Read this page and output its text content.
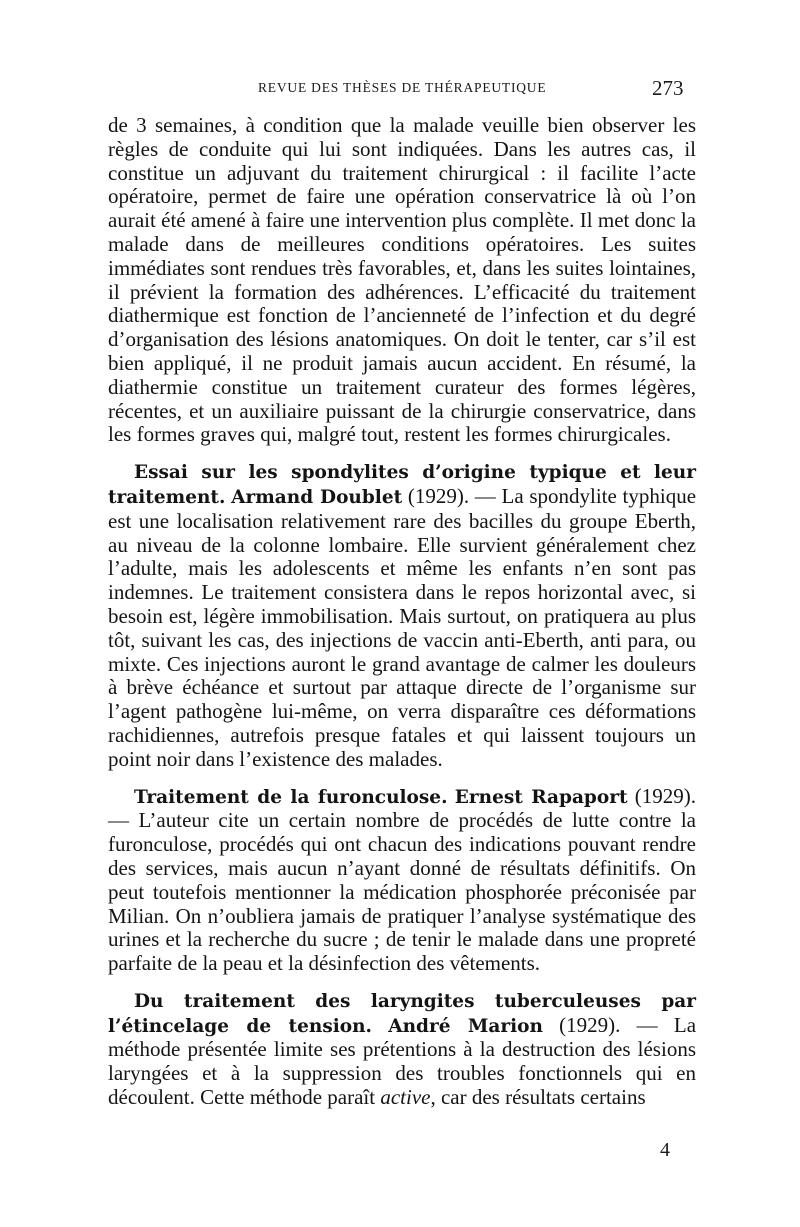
REVUE DES THÈSES DE THÉRAPEUTIQUE	273

de 3 semaines, à condition que la malade veuille bien observer les règles de conduite qui lui sont indiquées. Dans les autres cas, il constitue un adjuvant du traitement chirurgical : il facilite l’acte opératoire, permet de faire une opération conservatrice là où l’on aurait été amené à faire une intervention plus complète. Il met donc la malade dans de meilleures conditions opératoires. Les suites immédiates sont rendues très favorables, et, dans les suites lointaines, il prévient la formation des adhérences. L’efficacité du traitement diathermique est fonction de l’ancienneté de l’infection et du degré d’organisation des lésions anatomiques. On doit le tenter, car s’il est bien appliqué, il ne produit jamais aucun accident. En résumé, la diathermie constitue un traitement curateur des formes légères, récentes, et un auxiliaire puissant de la chirurgie conservatrice, dans les formes graves qui, malgré tout, restent les formes chirurgicales.

Essai sur les spondylites d’origine typique et leur traitement. Armand Doublet (1929). — La spondylite typhique est une localisation relativement rare des bacilles du groupe Eberth, au niveau de la colonne lombaire. Elle survient généralement chez l’adulte, mais les adolescents et même les enfants n’en sont pas indemnes. Le traitement consistera dans le repos horizontal avec, si besoin est, légère immobilisation. Mais surtout, on pratiquera au plus tôt, suivant les cas, des injections de vaccin anti-Eberth, anti para, ou mixte. Ces injections auront le grand avantage de calmer les douleurs à brève échéance et surtout par attaque directe de l’organisme sur l’agent pathogène lui-même, on verra disparaître ces déformations rachidiennes, autrefois presque fatales et qui laissent toujours un point noir dans l’existence des malades.

Traitement de la furonculose. Ernest Rapaport (1929). — L’auteur cite un certain nombre de procédés de lutte contre la furonculose, procédés qui ont chacun des indications pouvant rendre des services, mais aucun n’ayant donné de résultats définitifs. On peut toutefois mentionner la médication phosphorée préconisée par Milian. On n’oubliera jamais de pratiquer l’analyse systématique des urines et la recherche du sucre ; de tenir le malade dans une propreté parfaite de la peau et la désinfection des vêtements.

Du traitement des laryngites tuberculeuses par l’étincelage de tension. André Marion (1929). — La méthode présentée limite ses prétentions à la destruction des lésions laryngées et à la suppression des troubles fonctionnels qui en découlent. Cette méthode paraît active, car des résultats certains

4
